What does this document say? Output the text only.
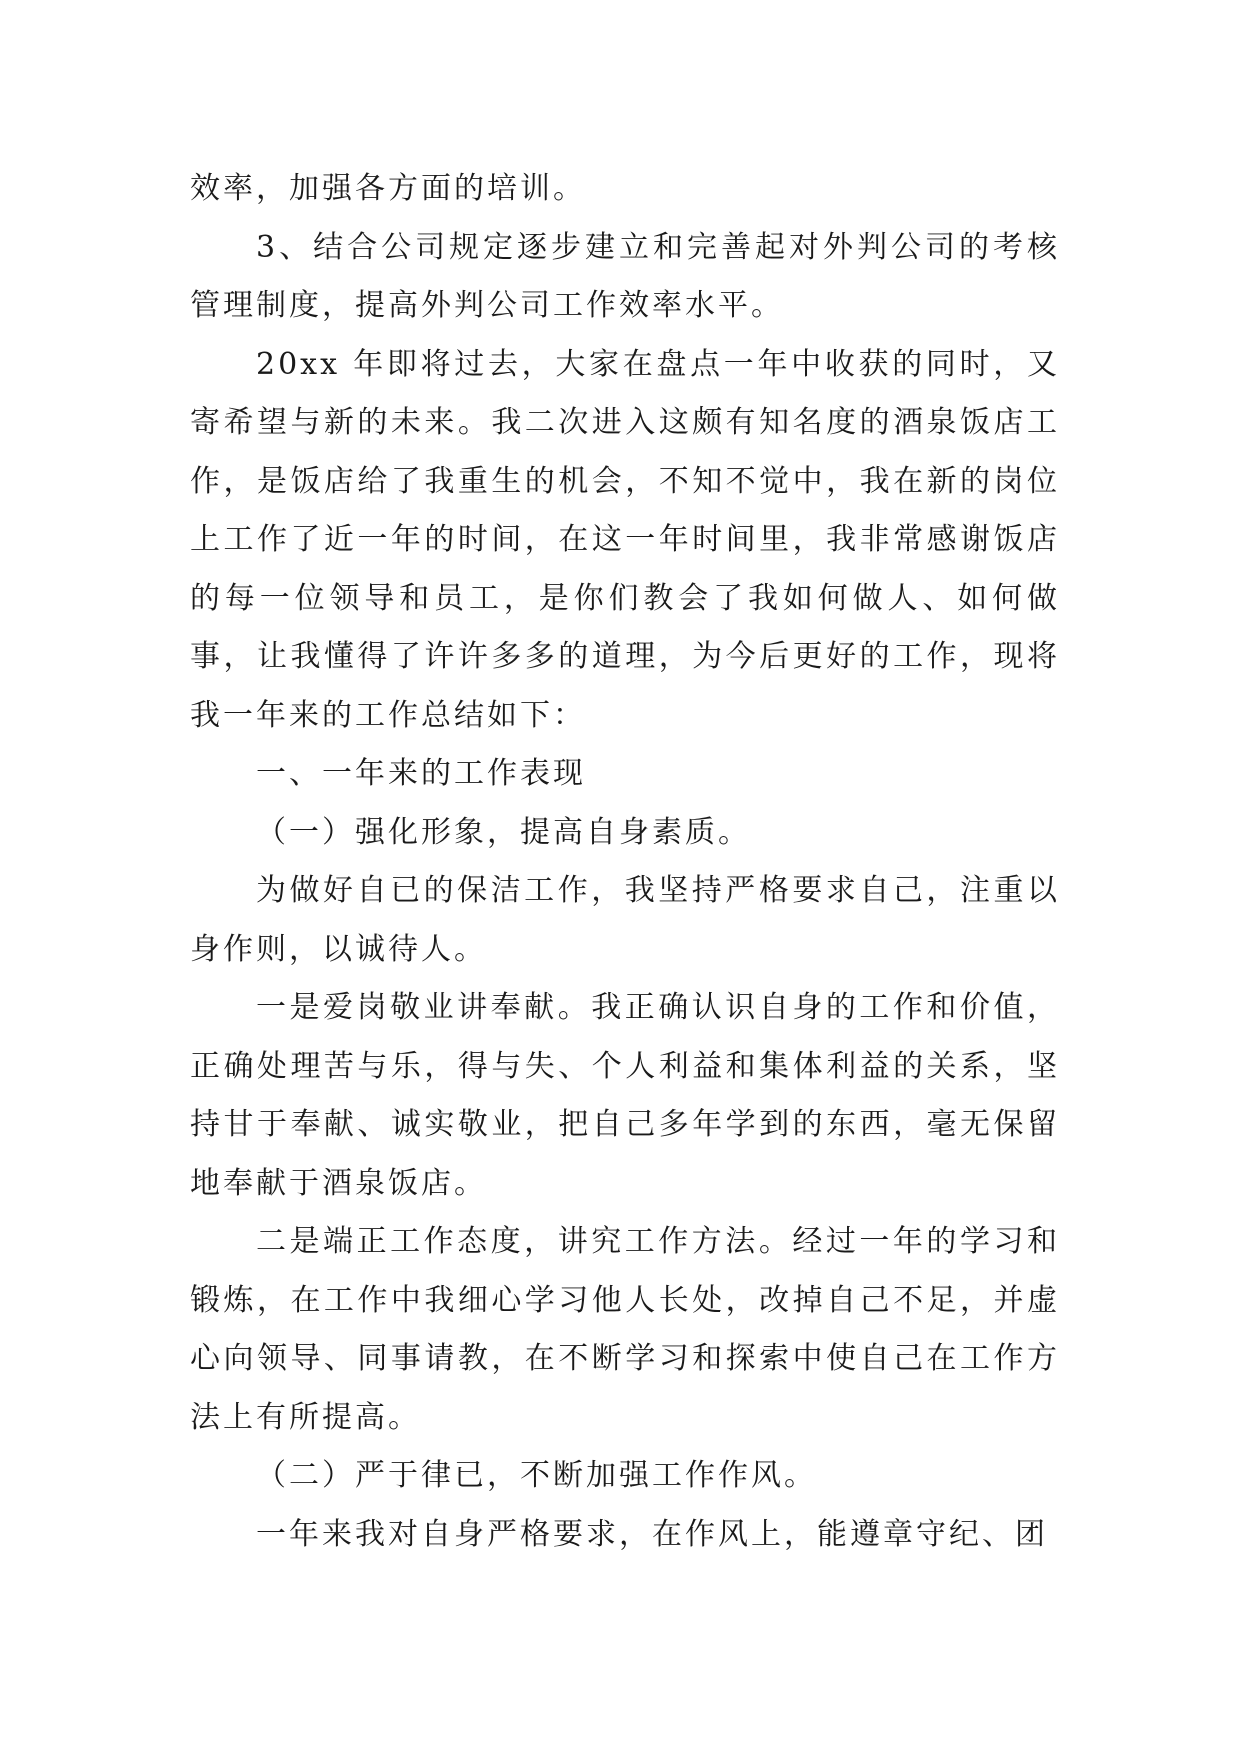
效率，加强各方面的培训。

3、结合公司规定逐步建立和完善起对外判公司的考核管理制度，提高外判公司工作效率水平。

20xx 年即将过去，大家在盘点一年中收获的同时，又寄希望与新的未来。我二次进入这颇有知名度的酒泉饭店工作，是饭店给了我重生的机会，不知不觉中，我在新的岗位上工作了近一年的时间，在这一年时间里，我非常感谢饭店的每一位领导和员工，是你们教会了我如何做人、如何做事，让我懂得了许许多多的道理，为今后更好的工作，现将我一年来的工作总结如下：

一、一年来的工作表现

（一）强化形象，提高自身素质。

为做好自已的保洁工作，我坚持严格要求自己，注重以身作则，以诚待人。

一是爱岗敬业讲奉献。我正确认识自身的工作和价值，正确处理苦与乐，得与失、个人利益和集体利益的关系，坚持甘于奉献、诚实敬业，把自己多年学到的东西，毫无保留地奉献于酒泉饭店。

二是端正工作态度，讲究工作方法。经过一年的学习和锻炼，在工作中我细心学习他人长处，改掉自己不足，并虚心向领导、同事请教，在不断学习和探索中使自己在工作方法上有所提高。

（二）严于律已，不断加强工作作风。

一年来我对自身严格要求，在作风上，能遵章守纪、团
